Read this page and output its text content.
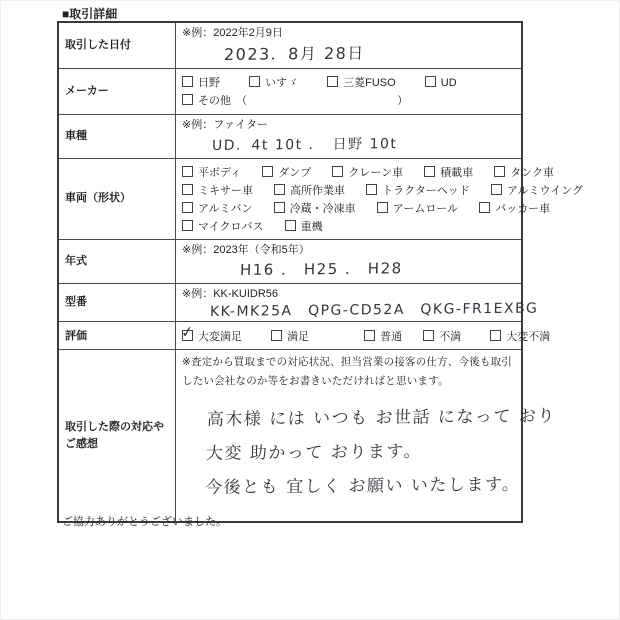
■取引詳細
取引した日付	※例：2022年2月9日
2023．8月 28日

メーカー	日野 いすゞ 三菱FUSO UD
その他 （ ）

車種	※例：ファイター
UD．4t 10t ．　日野 10t

車両（形状）	平ボディ ダンプ クレーン車 積載車 タンク車
ミキサー車 高所作業車 トラクターヘッド アルミウイング
アルミバン 冷蔵・冷凍車 アームロール パッカー車
マイクロバス 重機

年式	※例：2023年（令和5年）
H16 ． H25 ． H28

型番	※例：KK-KUIDR56
KK-MK25A　QPG-CD52A　QKG-FR1EXBG

評価	✓ 大変満足 満足 普通 不満 大変不満

取引した際の対応やご感想	※査定から買取までの対応状況、担当営業の接客の仕方、今後も取引したい会社なのか等をお書きいただければと思います。
高木様 には いつも お世話 になって おり
大変 助かって おります。
今後とも 宜しく お願い いたします。
ご協力ありがとうございました。
